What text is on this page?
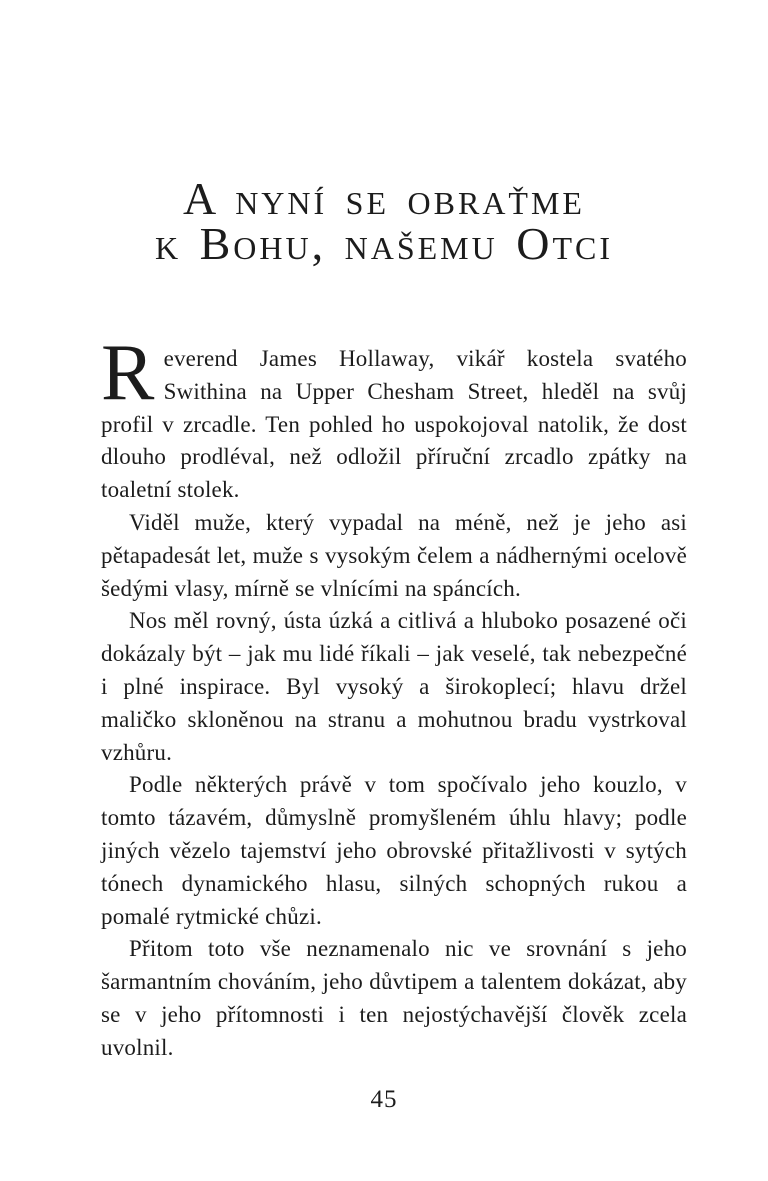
A nyní se obraťme
k Bohu, našemu Otci

Reverend James Hollaway, vikář kostela svatého Swithina na Upper Chesham Street, hleděl na svůj profil v zrcadle. Ten pohled ho uspokojoval natolik, že dost dlouho prodléval, než odložil příruční zrcadlo zpátky na toaletní stolek.

Viděl muže, který vypadal na méně, než je jeho asi pětapadesát let, muže s vysokým čelem a nádhernými ocelově šedými vlasy, mírně se vlnícími na spáncích.

Nos měl rovný, ústa úzká a citlivá a hluboko posazené oči dokázaly být – jak mu lidé říkali – jak veselé, tak nebezpečné i plné inspirace. Byl vysoký a širokoplecí; hlavu držel maličko skloněnou na stranu a mohutnou bradu vystrkoval vzhůru.

Podle některých právě v tom spočívalo jeho kouzlo, v tomto tázavém, důmyslně promyšleném úhlu hlavy; podle jiných vězelo tajemství jeho obrovské přitažlivosti v sytých tónech dynamického hlasu, silných schopných rukou a pomalé rytmické chůzi.

Přitom toto vše neznamenalo nic ve srovnání s jeho šarmantním chováním, jeho důvtipem a talentem dokázat, aby se v jeho přítomnosti i ten nejostýchavější člověk zcela uvolnil.

45
